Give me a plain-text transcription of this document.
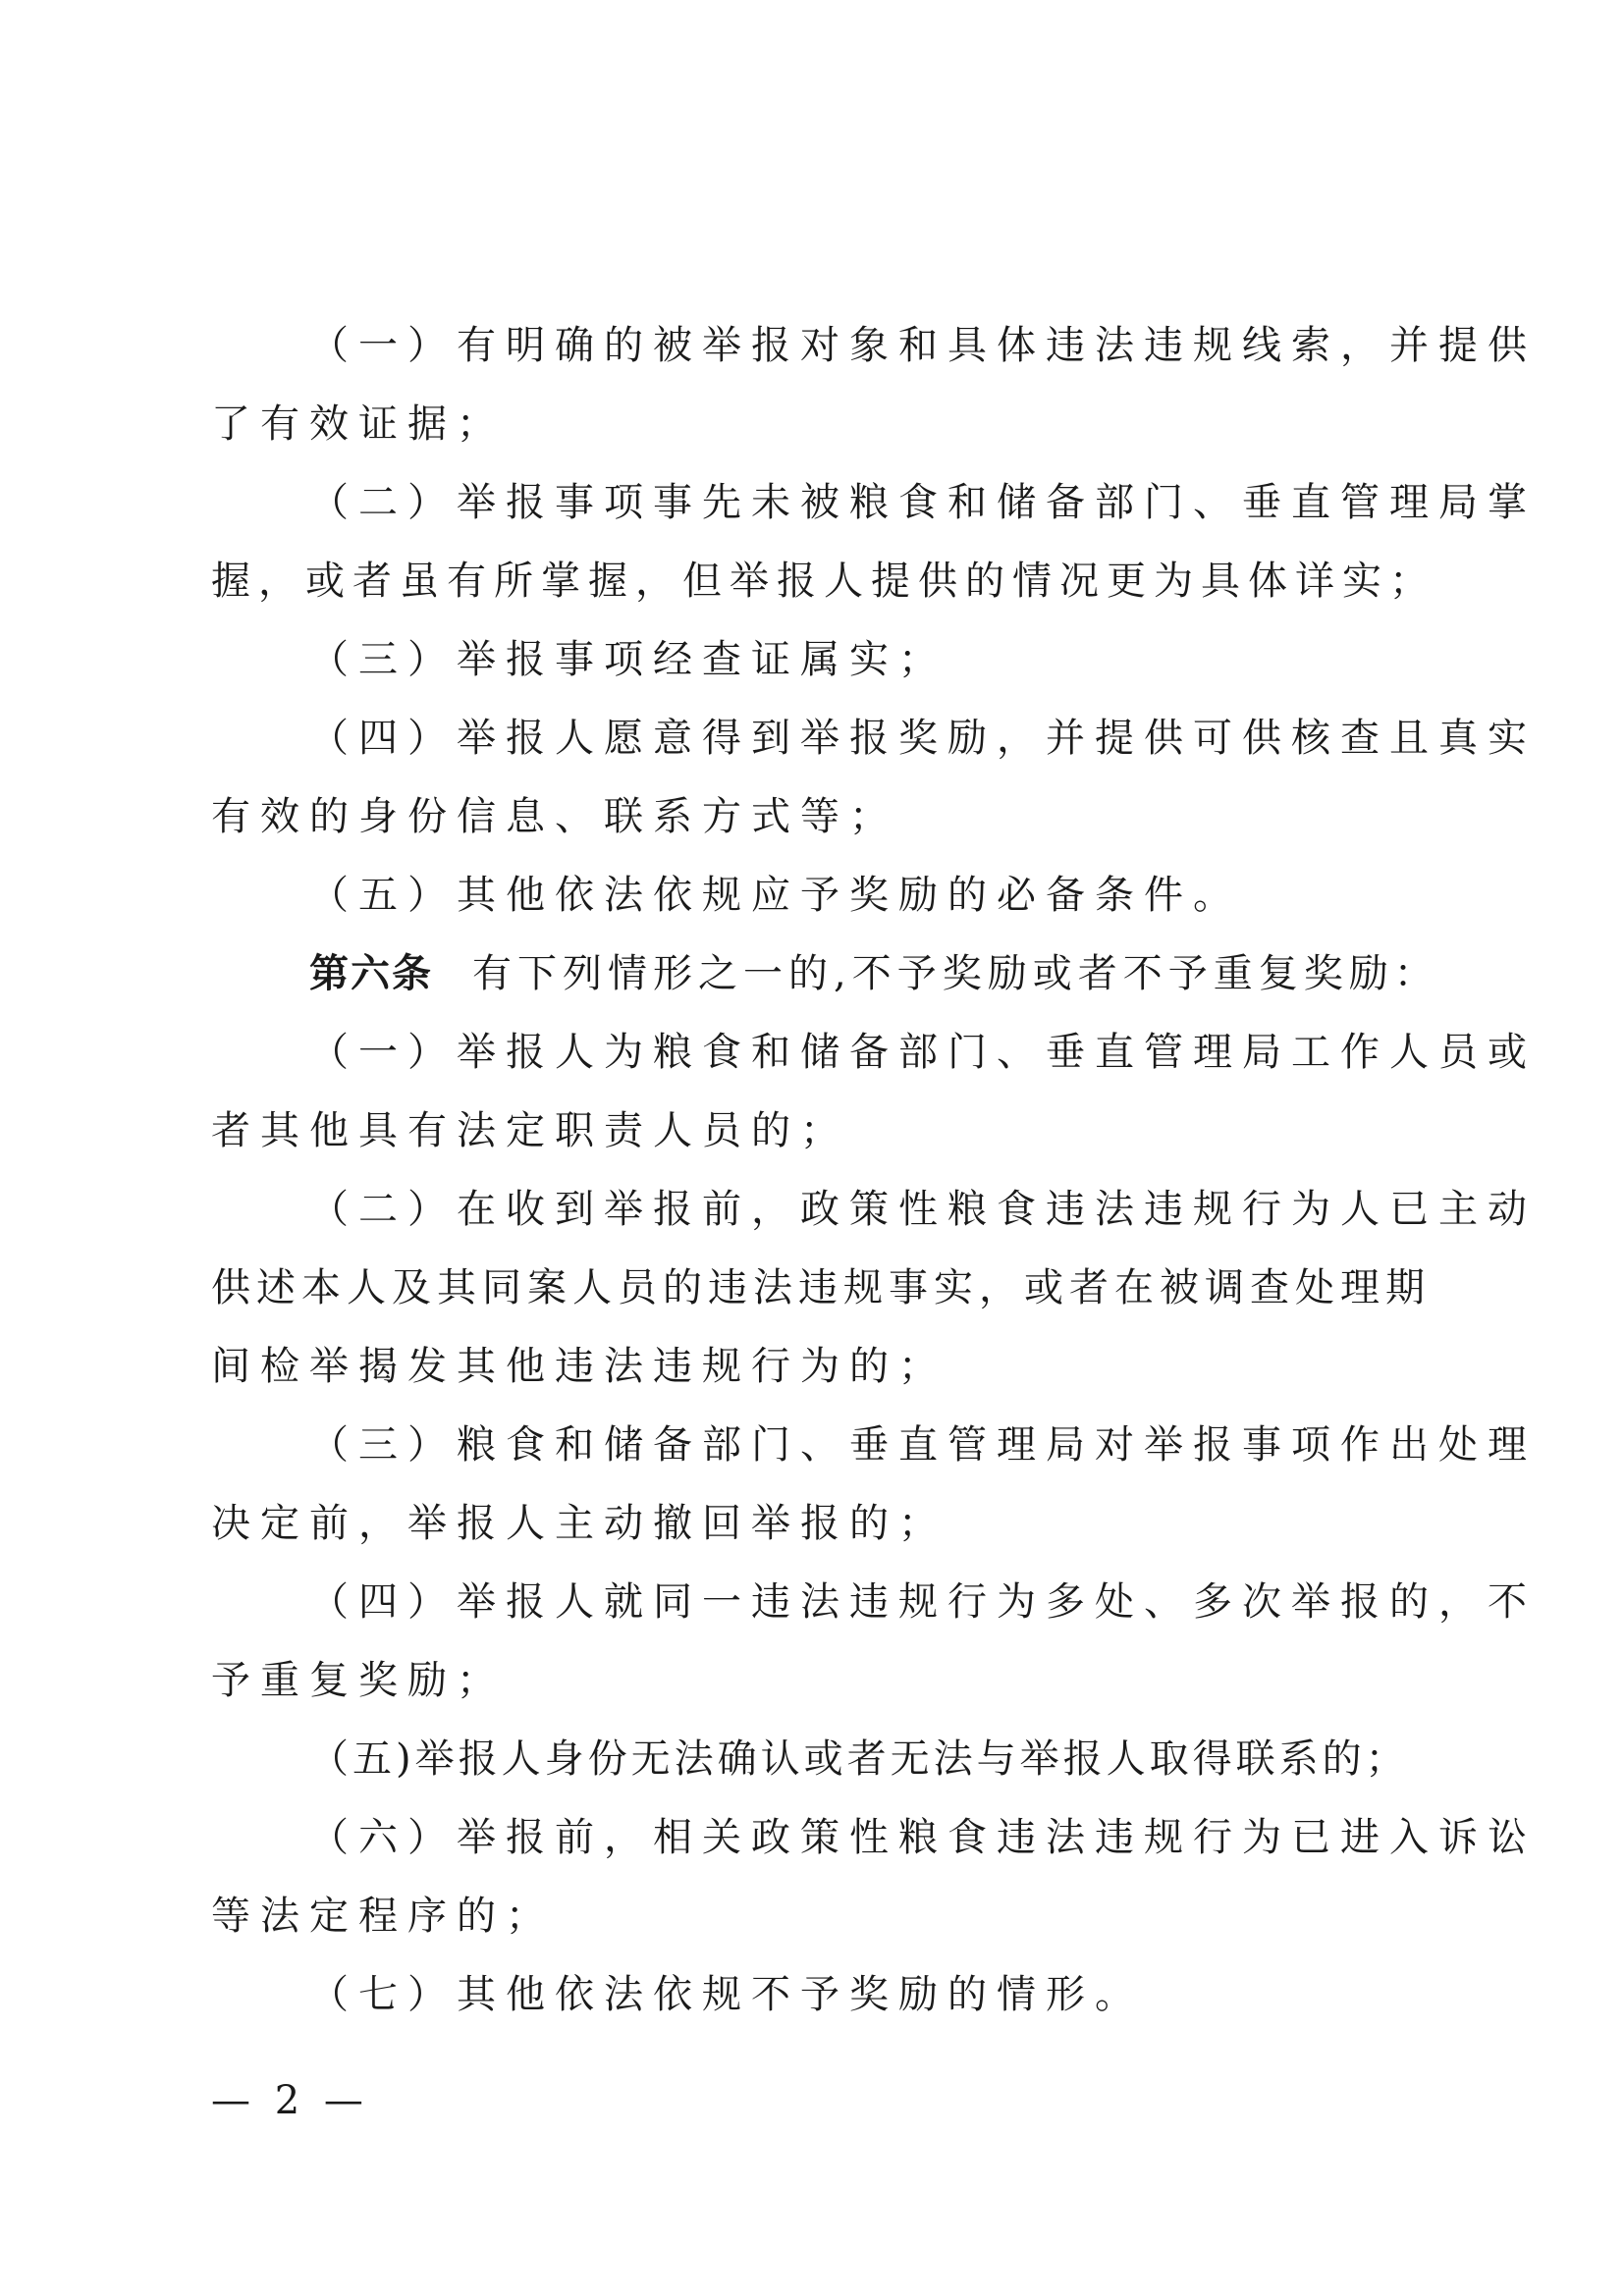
（一）有明确的被举报对象和具体违法违规线索，并提供
了有效证据；
（二）举报事项事先未被粮食和储备部门、垂直管理局掌
握，或者虽有所掌握，但举报人提供的情况更为具体详实；
（三）举报事项经查证属实；
（四）举报人愿意得到举报奖励，并提供可供核查且真实
有效的身份信息、联系方式等；
（五）其他依法依规应予奖励的必备条件。
第六条 有下列情形之一的,不予奖励或者不予重复奖励：
（一）举报人为粮食和储备部门、垂直管理局工作人员或
者其他具有法定职责人员的；
（二）在收到举报前，政策性粮食违法违规行为人已主动
供述本人及其同案人员的违法违规事实，或者在被调查处理期
间检举揭发其他违法违规行为的；
（三）粮食和储备部门、垂直管理局对举报事项作出处理
决定前，举报人主动撤回举报的；
（四）举报人就同一违法违规行为多处、多次举报的，不
予重复奖励；
（五)举报人身份无法确认或者无法与举报人取得联系的；
（六）举报前，相关政策性粮食违法违规行为已进入诉讼
等法定程序的；
（七）其他依法依规不予奖励的情形。
— 2 —
